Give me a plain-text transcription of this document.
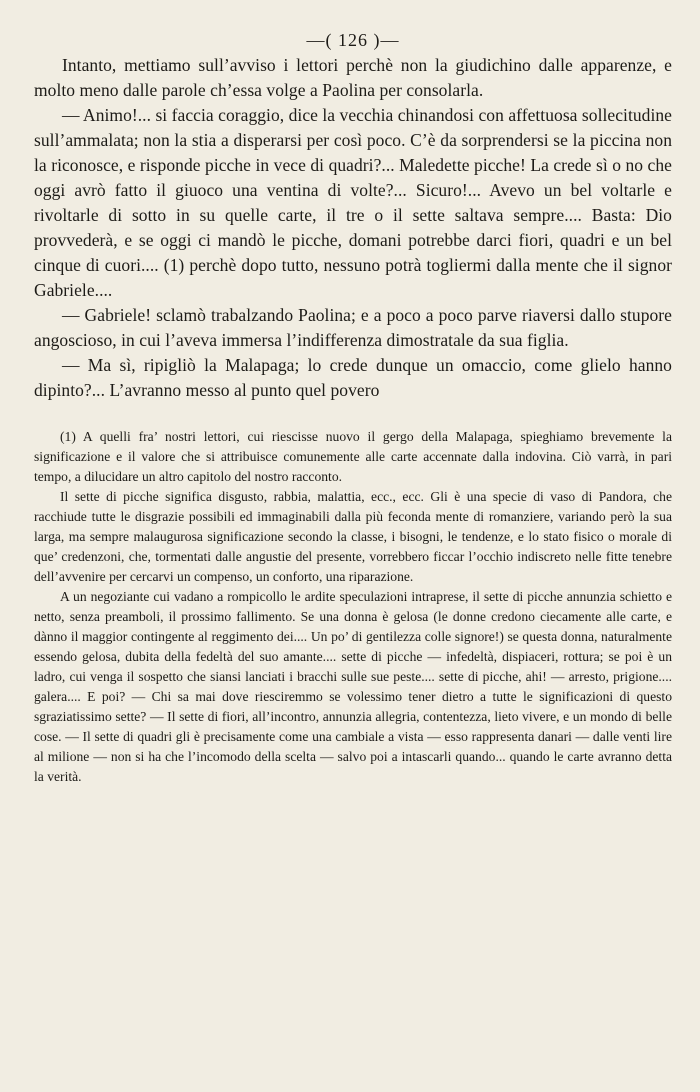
—( 126 )—

Intanto, mettiamo sull’avviso i lettori perchè non la giudichino dalle apparenze, e molto meno dalle parole ch’essa volge a Paolina per consolarla.

— Animo!... si faccia coraggio, dice la vecchia chinandosi con affettuosa sollecitudine sull’ammalata; non la stia a disperarsi per così poco. C’è da sorprendersi se la piccina non la riconosce, e risponde picche in vece di quadri?... Maledette picche! La crede sì o no che oggi avrò fatto il giuoco una ventina di volte?... Sicuro!... Avevo un bel voltarle e rivoltarle di sotto in su quelle carte, il tre o il sette saltava sempre.... Basta: Dio provvederà, e se oggi ci mandò le picche, domani potrebbe darci fiori, quadri e un bel cinque di cuori.... (1) perchè dopo tutto, nessuno potrà togliermi dalla mente che il signor Gabriele....

— Gabriele! sclamò trabalzando Paolina; e a poco a poco parve riaversi dallo stupore angoscioso, in cui l’aveva immersa l’indifferenza dimostratale da sua figlia.

— Ma sì, ripigliò la Malapaga; lo crede dunque un omaccio, come glielo hanno dipinto?... L’avranno messo al punto quel povero

(1) A quelli fra’ nostri lettori, cui riescisse nuovo il gergo della Malapaga, spieghiamo brevemente la significazione e il valore che si attribuisce comunemente alle carte accennate dalla indovina. Ciò varrà, in pari tempo, a dilucidare un altro capitolo del nostro racconto.

Il sette di picche significa disgusto, rabbia, malattia, ecc., ecc. Gli è una specie di vaso di Pandora, che racchiude tutte le disgrazie possibili ed immaginabili dalla più feconda mente di romanziere, variando però la sua larga, ma sempre malaugurosa significazione secondo la classe, i bisogni, le tendenze, e lo stato fisico o morale di que’ credenzoni, che, tormentati dalle angustie del presente, vorrebbero ficcar l’occhio indiscreto nelle fitte tenebre dell’avvenire per cercarvi un compenso, un conforto, una riparazione.

A un negoziante cui vadano a rompicollo le ardite speculazioni intraprese, il sette di picche annunzia schietto e netto, senza preamboli, il prossimo fallimento. Se una donna è gelosa (le donne credono ciecamente alle carte, e dànno il maggior contingente al reggimento dei.... Un po’ di gentilezza colle signore!) se questa donna, naturalmente essendo gelosa, dubita della fedeltà del suo amante.... sette di picche — infedeltà, dispiaceri, rottura; se poi è un ladro, cui venga il sospetto che siansi lanciati i bracchi sulle sue peste.... sette di picche, ahi! — arresto, prigione.... galera.... E poi? — Chi sa mai dove riesciremmo se volessimo tener dietro a tutte le significazioni di questo sgraziatissimo sette? — Il sette di fiori, all’incontro, annunzia allegria, contentezza, lieto vivere, e un mondo di belle cose. — Il sette di quadri gli è precisamente come una cambiale a vista — esso rappresenta danari — dalle venti lire al milione — non si ha che l’incomodo della scelta — salvo poi a intascarli quando... quando le carte avranno detta la verità.
